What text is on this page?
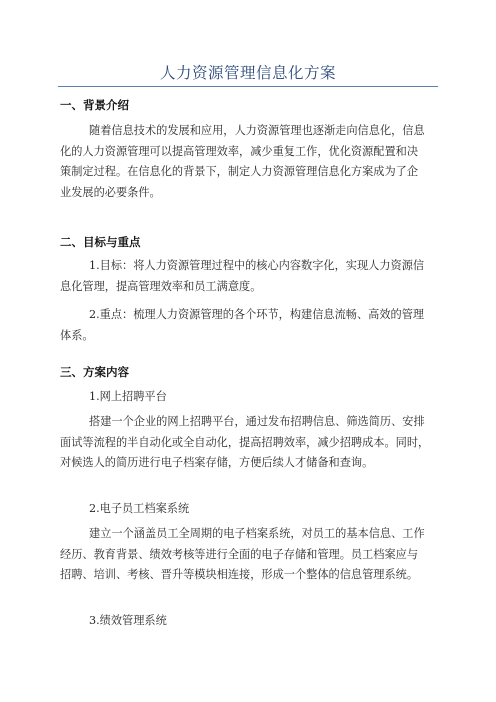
人力资源管理信息化方案
一、背景介绍
随着信息技术的发展和应用，人力资源管理也逐渐走向信息化，信息
化的人力资源管理可以提高管理效率，减少重复工作，优化资源配置和决
策制定过程。在信息化的背景下，制定人力资源管理信息化方案成为了企
业发展的必要条件。
二、目标与重点
1.目标：将人力资源管理过程中的核心内容数字化，实现人力资源信
息化管理，提高管理效率和员工满意度。
2.重点：梳理人力资源管理的各个环节，构建信息流畅、高效的管理
体系。
三、方案内容
1.网上招聘平台
搭建一个企业的网上招聘平台，通过发布招聘信息、筛选简历、安排
面试等流程的半自动化或全自动化，提高招聘效率，减少招聘成本。同时，
对候选人的简历进行电子档案存储，方便后续人才储备和查询。
2.电子员工档案系统
建立一个涵盖员工全周期的电子档案系统，对员工的基本信息、工作
经历、教育背景、绩效考核等进行全面的电子存储和管理。员工档案应与
招聘、培训、考核、晋升等模块相连接，形成一个整体的信息管理系统。
3.绩效管理系统
